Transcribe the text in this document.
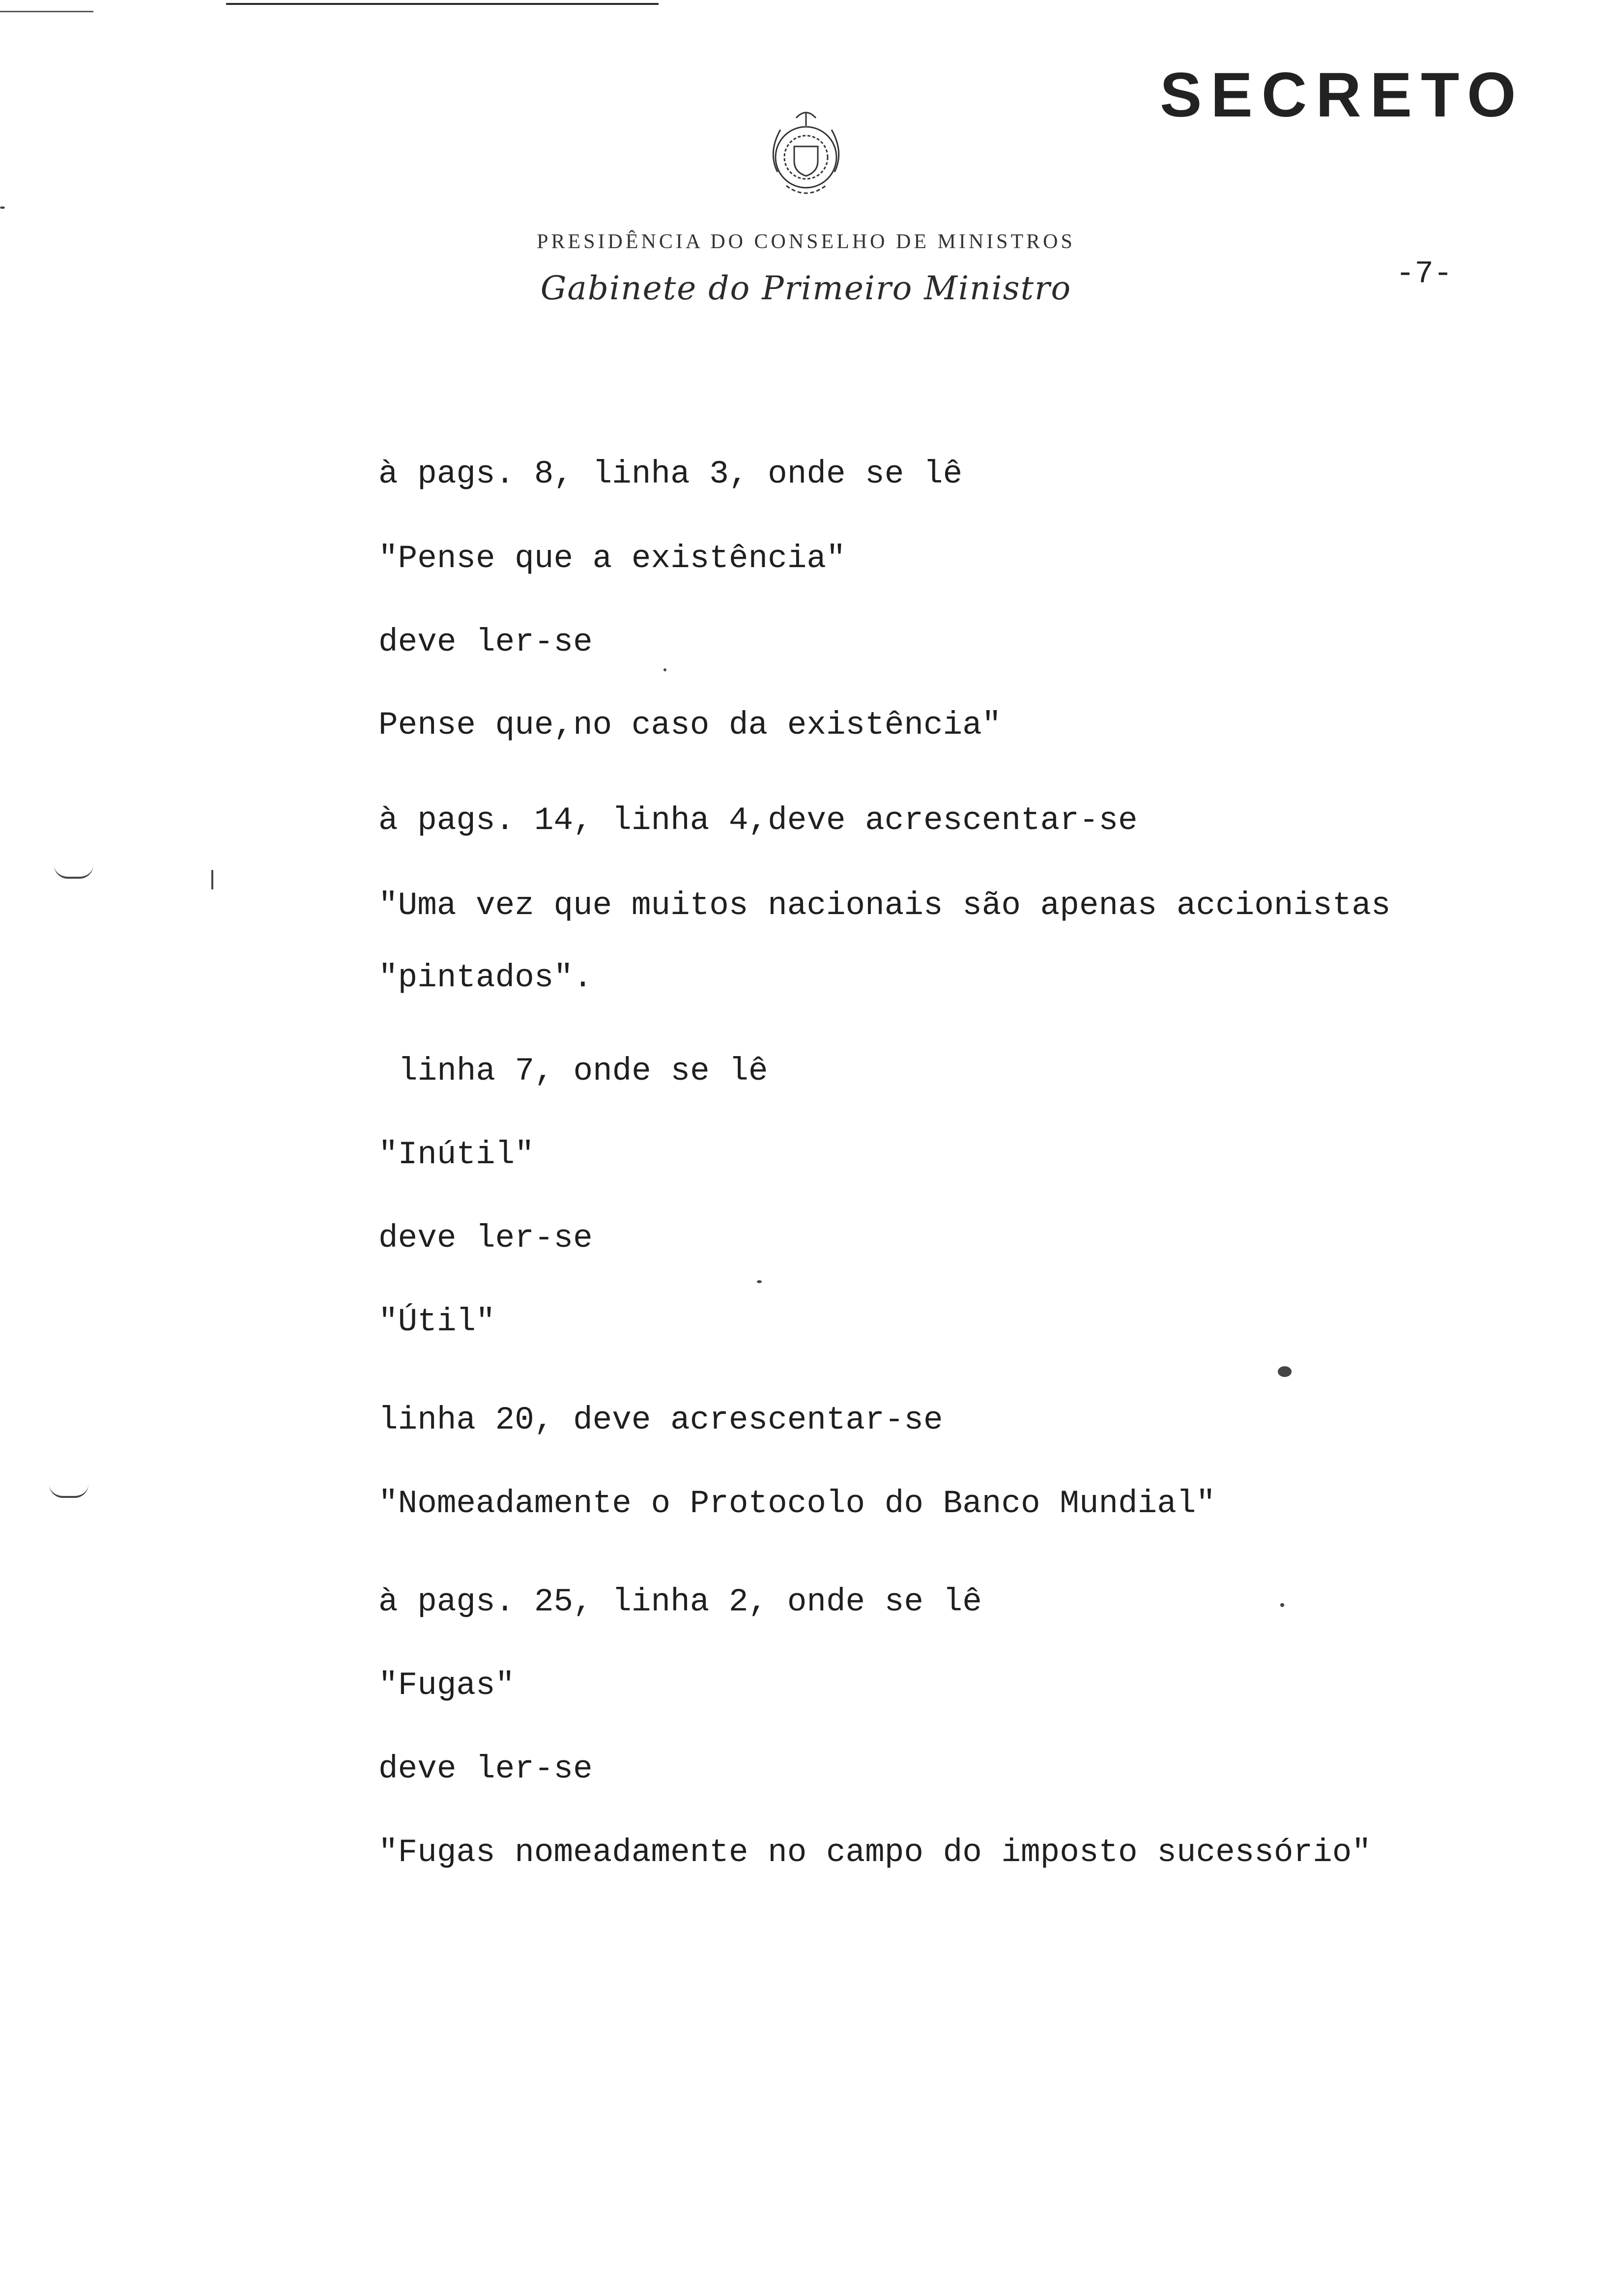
SECRETO
PRESIDÊNCIA DO CONSELHO DE MINISTROS
Gabinete do Primeiro Ministro	-7-
à pags. 8, linha 3, onde se lê
"Pense que a existência"
deve ler-se
Pense que,no caso da existência"
à pags. 14, linha 4,deve acrescentar-se
"Uma vez que muitos nacionais são apenas accionistas
"pintados".
linha 7, onde se lê
"Inútil"
deve ler-se
"Útil"
linha 20, deve acrescentar-se
"Nomeadamente o Protocolo do Banco Mundial"
à pags. 25, linha 2, onde se lê
"Fugas"
deve ler-se
"Fugas nomeadamente no campo do imposto sucessório"
